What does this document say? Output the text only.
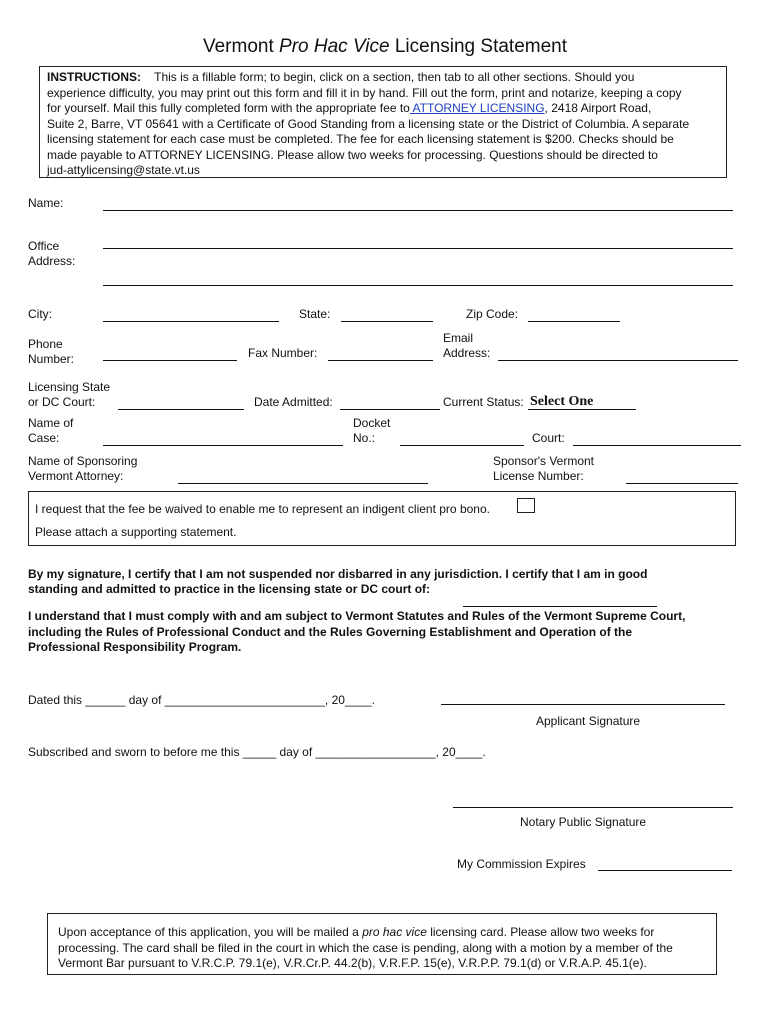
Vermont Pro Hac Vice Licensing Statement
INSTRUCTIONS: This is a fillable form; to begin, click on a section, then tab to all other sections. Should you
experience difficulty, you may print out this form and fill it in by hand. Fill out the form, print and notarize, keeping a copy
for yourself. Mail this fully completed form with the appropriate fee to ATTORNEY LICENSING, 2418 Airport Road,
Suite 2, Barre, VT 05641 with a Certificate of Good Standing from a licensing state or the District of Columbia. A separate
licensing statement for each case must be completed. The fee for each licensing statement is $200. Checks should be
made payable to ATTORNEY LICENSING. Please allow two weeks for processing. Questions should be directed to
jud-attylicensing@state.vt.us
Name:
Office
Address:
City:	State:	Zip Code:
Phone
Number:	Fax Number:
Email
Address:
Licensing State
or DC Court:	Date Admitted:	Current Status: Select One
Name of
Case:
Docket
No.:	Court:
Name of Sponsoring
Vermont Attorney:
Sponsor's Vermont
License Number:
I request that the fee be waived to enable me to represent an indigent client pro bono.
Please attach a supporting statement.
By my signature, I certify that I am not suspended nor disbarred in any jurisdiction. I certify that I am in good
standing and admitted to practice in the licensing state or DC court of:
I understand that I must comply with and am subject to Vermont Statutes and Rules of the Vermont Supreme Court,
including the Rules of Professional Conduct and the Rules Governing Establishment and Operation of the
Professional Responsibility Program.
Dated this ______ day of ________________________, 20____.
Applicant Signature
Subscribed and sworn to before me this _____ day of __________________, 20____.
Notary Public Signature
My Commission Expires
Upon acceptance of this application, you will be mailed a pro hac vice licensing card. Please allow two weeks for
processing. The card shall be filed in the court in which the case is pending, along with a motion by a member of the
Vermont Bar pursuant to V.R.C.P. 79.1(e), V.R.Cr.P. 44.2(b), V.R.F.P. 15(e), V.R.P.P. 79.1(d) or V.R.A.P. 45.1(e).
